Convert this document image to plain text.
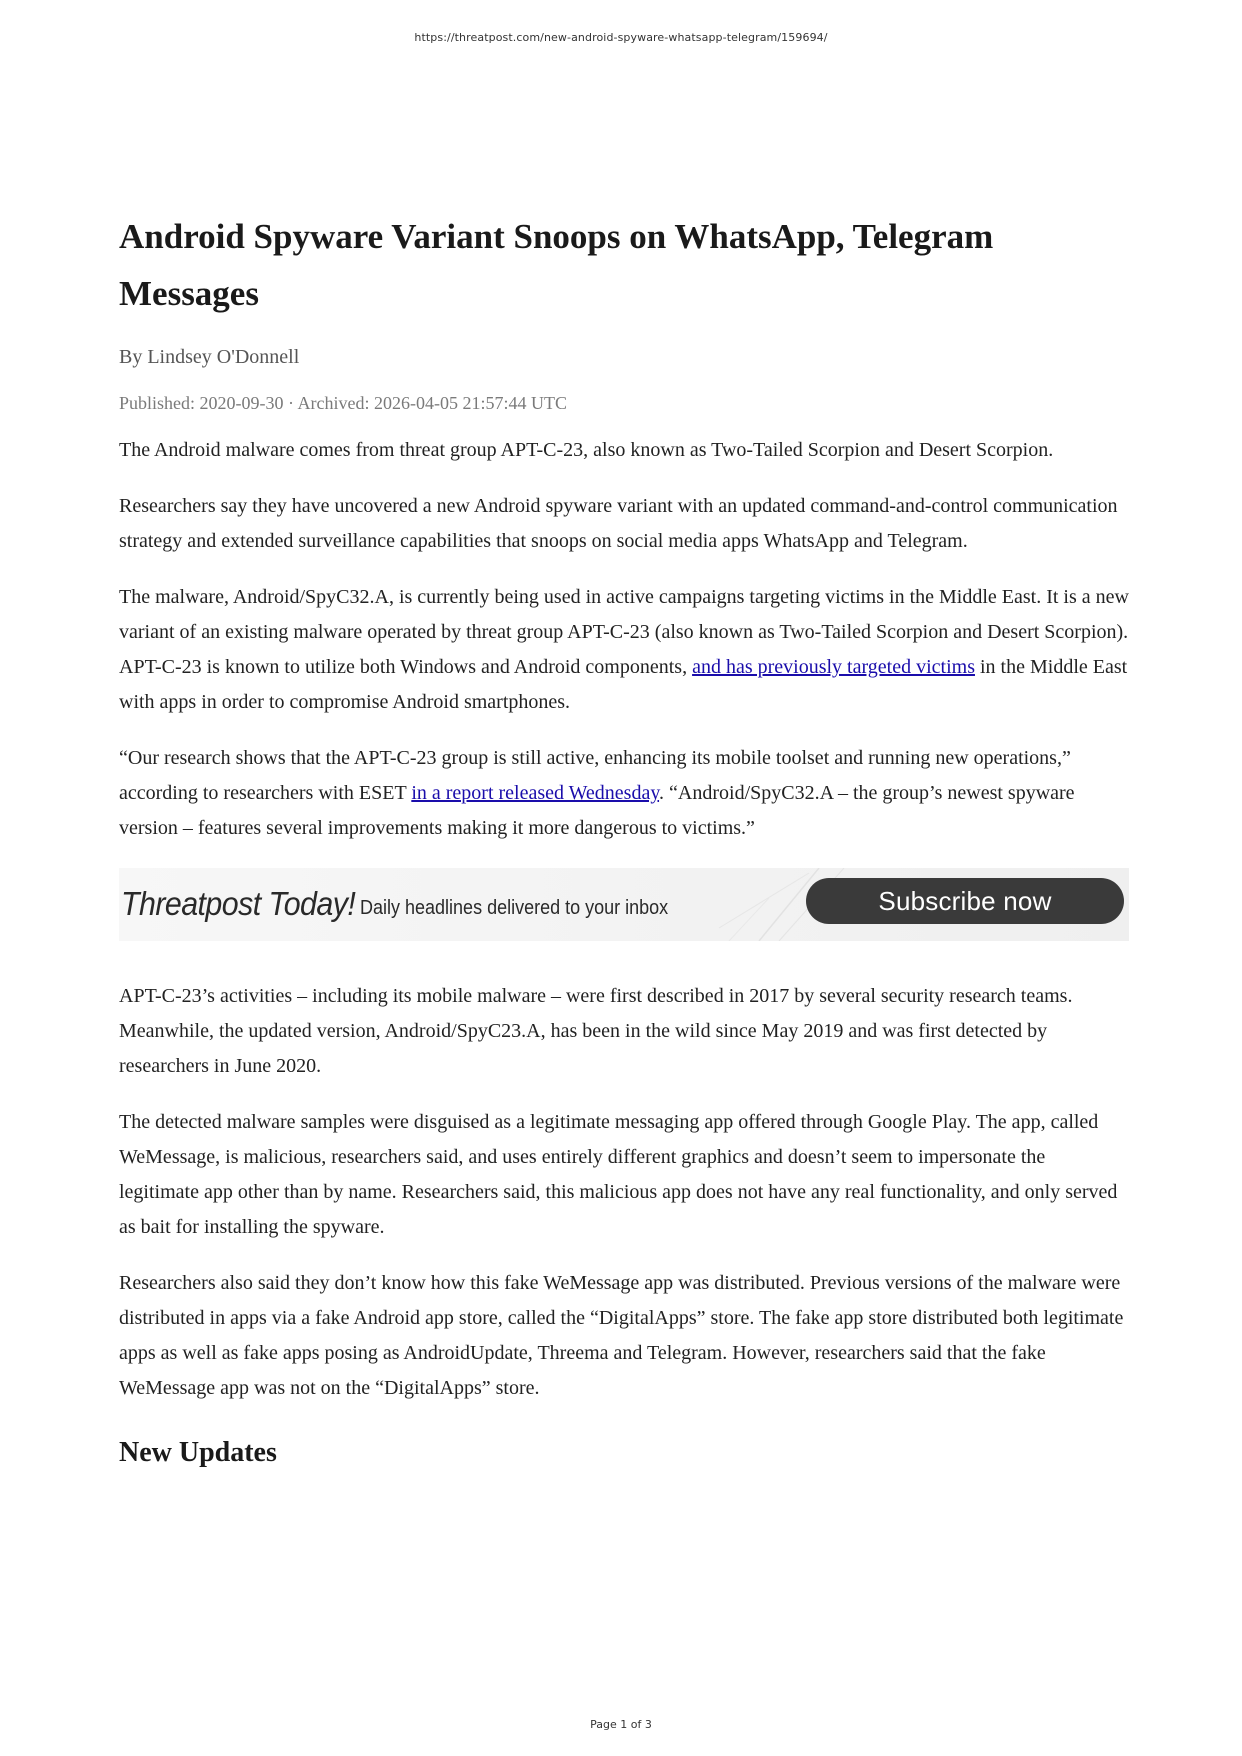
https://threatpost.com/new-android-spyware-whatsapp-telegram/159694/
Android Spyware Variant Snoops on WhatsApp, Telegram Messages
By Lindsey O'Donnell
Published: 2020-09-30 · Archived: 2026-04-05 21:57:44 UTC

The Android malware comes from threat group APT-C-23, also known as Two-Tailed Scorpion and Desert Scorpion.

Researchers say they have uncovered a new Android spyware variant with an updated command-and-control communication strategy and extended surveillance capabilities that snoops on social media apps WhatsApp and Telegram.

The malware, Android/SpyC32.A, is currently being used in active campaigns targeting victims in the Middle East. It is a new variant of an existing malware operated by threat group APT-C-23 (also known as Two-Tailed Scorpion and Desert Scorpion). APT-C-23 is known to utilize both Windows and Android components, and has previously targeted victims in the Middle East with apps in order to compromise Android smartphones.

“Our research shows that the APT-C-23 group is still active, enhancing its mobile toolset and running new operations,” according to researchers with ESET in a report released Wednesday. “Android/SpyC32.A – the group’s newest spyware version – features several improvements making it more dangerous to victims.”

Threatpost Today! Daily headlines delivered to your inbox	Subscribe now

APT-C-23’s activities – including its mobile malware – were first described in 2017 by several security research teams. Meanwhile, the updated version, Android/SpyC23.A, has been in the wild since May 2019 and was first detected by researchers in June 2020.

The detected malware samples were disguised as a legitimate messaging app offered through Google Play. The app, called WeMessage, is malicious, researchers said, and uses entirely different graphics and doesn’t seem to impersonate the legitimate app other than by name. Researchers said, this malicious app does not have any real functionality, and only served as bait for installing the spyware.

Researchers also said they don’t know how this fake WeMessage app was distributed. Previous versions of the malware were distributed in apps via a fake Android app store, called the “DigitalApps” store. The fake app store distributed both legitimate apps as well as fake apps posing as AndroidUpdate, Threema and Telegram. However, researchers said that the fake WeMessage app was not on the “DigitalApps” store.

New Updates
Page 1 of 3
